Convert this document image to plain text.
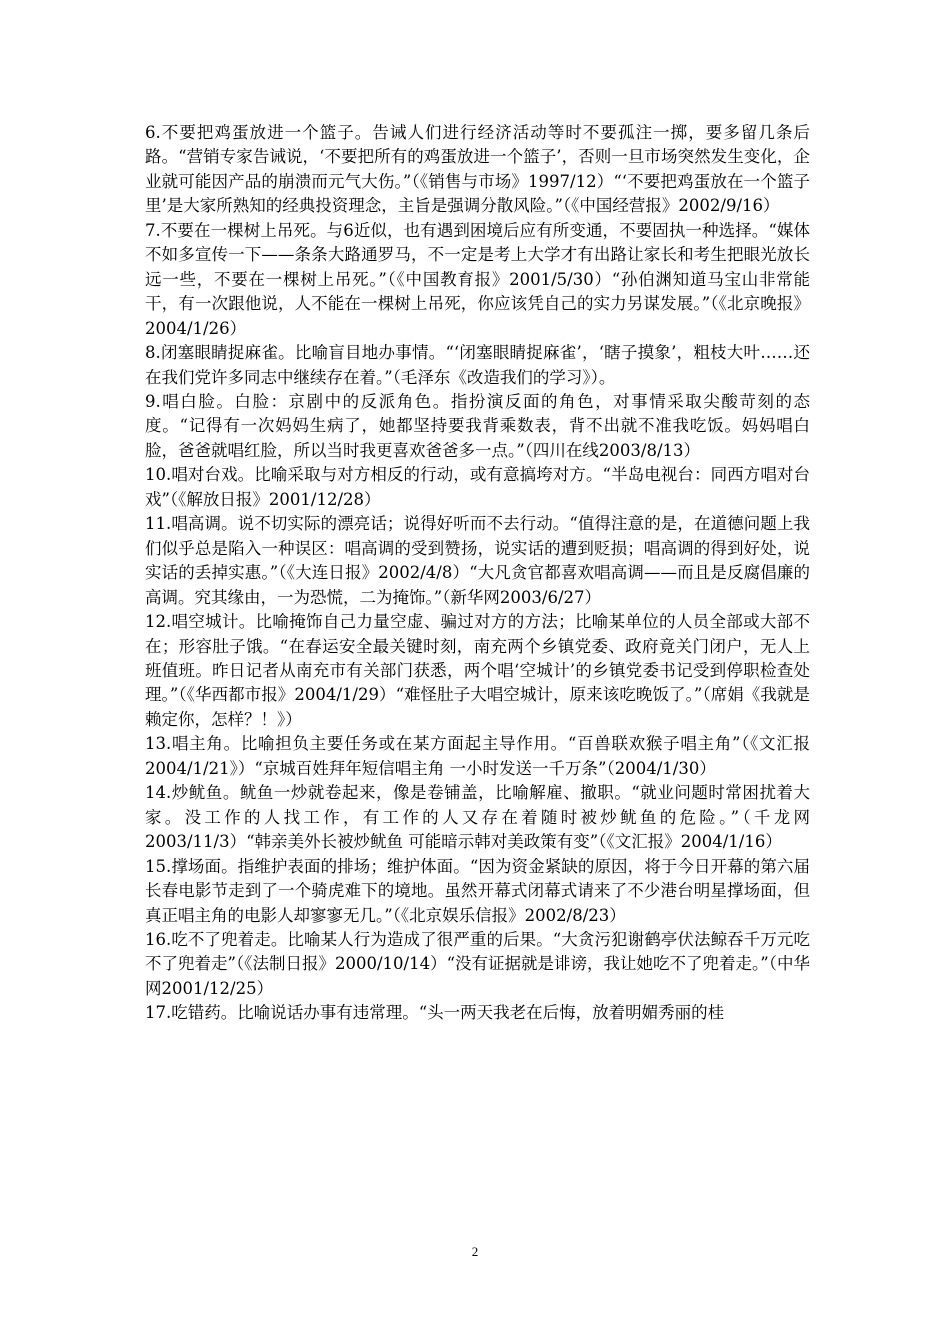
6.不要把鸡蛋放进一个篮子。告诫人们进行经济活动等时不要孤注一掷，要多留几条后路。“营销专家告诫说，‘不要把所有的鸡蛋放进一个篮子’，否则一旦市场突然发生变化，企业就可能因产品的崩溃而元气大伤。”（《销售与市场》1997/12）“‘不要把鸡蛋放在一个篮子里’是大家所熟知的经典投资理念，主旨是强调分散风险。”（《中国经营报》2002/9/16）

7.不要在一棵树上吊死。与6近似，也有遇到困境后应有所变通，不要固执一种选择。“媒体不如多宣传一下——条条大路通罗马，不一定是考上大学才有出路让家长和考生把眼光放长远一些，不要在一棵树上吊死。”（《中国教育报》2001/5/30）“孙伯渊知道马宝山非常能干，有一次跟他说，人不能在一棵树上吊死，你应该凭自己的实力另谋发展。”（《北京晚报》2004/1/26）

8.闭塞眼睛捉麻雀。比喻盲目地办事情。“‘闭塞眼睛捉麻雀’，‘瞎子摸象’，粗枝大叶……还在我们党许多同志中继续存在着。”（毛泽东《改造我们的学习》）。

9.唱白脸。白脸：京剧中的反派角色。指扮演反面的角色，对事情采取尖酸苛刻的态度。“记得有一次妈妈生病了，她都坚持要我背乘数表，背不出就不准我吃饭。妈妈唱白脸，爸爸就唱红脸，所以当时我更喜欢爸爸多一点。”（四川在线2003/8/13）

10.唱对台戏。比喻采取与对方相反的行动，或有意搞垮对方。“半岛电视台：同西方唱对台戏”（《解放日报》2001/12/28）

11.唱高调。说不切实际的漂亮话；说得好听而不去行动。“值得注意的是，在道德问题上我们似乎总是陷入一种误区：唱高调的受到赞扬，说实话的遭到贬损；唱高调的得到好处，说实话的丢掉实惠。”（《大连日报》2002/4/8）“大凡贪官都喜欢唱高调——而且是反腐倡廉的高调。究其缘由，一为恐慌，二为掩饰。”（新华网2003/6/27）

12.唱空城计。比喻掩饰自己力量空虚、骗过对方的方法；比喻某单位的人员全部或大部不在；形容肚子饿。“在春运安全最关键时刻，南充两个乡镇党委、政府竟关门闭户，无人上班值班。昨日记者从南充市有关部门获悉，两个唱‘空城计’的乡镇党委书记受到停职检查处理。”（《华西都市报》2004/1/29）“难怪肚子大唱空城计，原来该吃晚饭了。”（席娟《我就是赖定你，怎样？！》）

13.唱主角。比喻担负主要任务或在某方面起主导作用。“百兽联欢猴子唱主角”（《文汇报2004/1/21》）“京城百姓拜年短信唱主角 一小时发送一千万条”（2004/1/30）

14.炒鱿鱼。鱿鱼一炒就卷起来，像是卷铺盖，比喻解雇、撤职。“就业问题时常困扰着大家。没工作的人找工作，有工作的人又存在着随时被炒鱿鱼的危险。”（千龙网2003/11/3）“韩亲美外长被炒鱿鱼 可能暗示韩对美政策有变”（《文汇报》2004/1/16）

15.撑场面。指维护表面的排场；维护体面。“因为资金紧缺的原因，将于今日开幕的第六届长春电影节走到了一个骑虎难下的境地。虽然开幕式闭幕式请来了不少港台明星撑场面，但真正唱主角的电影人却寥寥无几。”（《北京娱乐信报》2002/8/23）

16.吃不了兜着走。比喻某人行为造成了很严重的后果。“大贪污犯谢鹤亭伏法鲸吞千万元吃不了兜着走”（《法制日报》2000/10/14）“没有证据就是诽谤，我让她吃不了兜着走。”（中华网2001/12/25）

17.吃错药。比喻说话办事有违常理。“头一两天我老在后悔，放着明媚秀丽的桂

2
